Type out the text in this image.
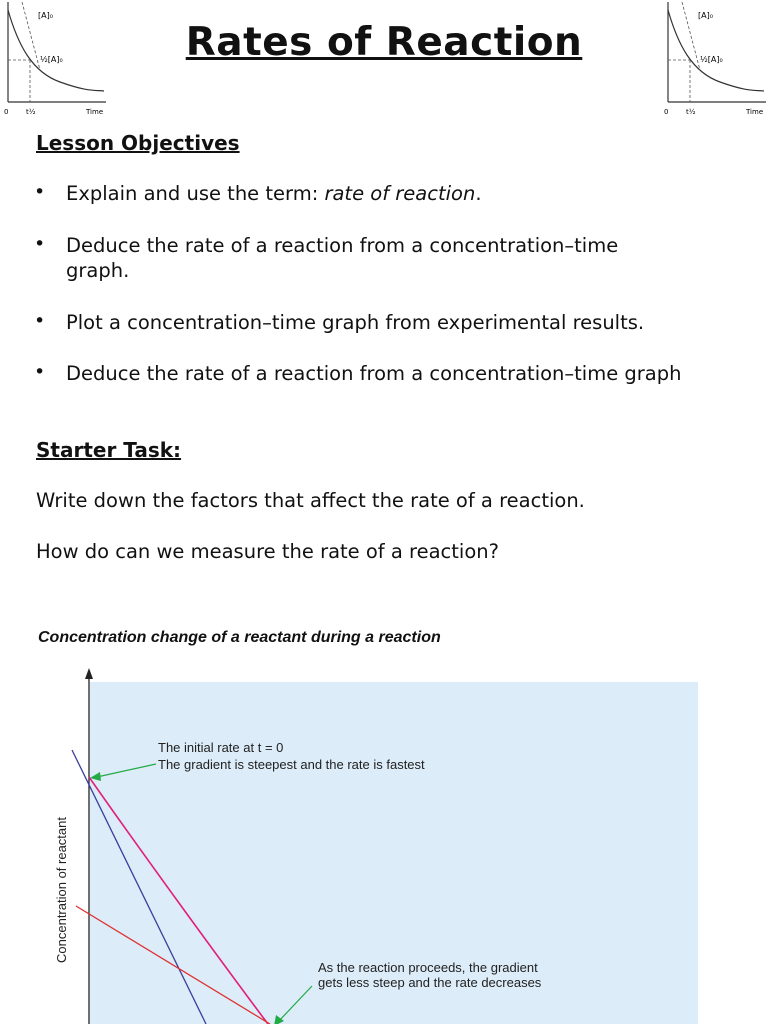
Rates of Reaction
[A]₀
½[A]₀
0	t½	Time
[A]₀
½[A]₀
0	t½	Time
Lesson Objectives
• Explain and use the term: rate of reaction.
• Deduce the rate of a reaction from a concentration–time graph.
• Plot a concentration–time graph from experimental results.
• Deduce the rate of a reaction from a concentration–time graph
Starter Task:
Write down the factors that affect the rate of a reaction.
How do can we measure the rate of a reaction?
Concentration change of a reactant during a reaction
The initial rate at t = 0
The gradient is steepest and the rate is fastest
As the reaction proceeds, the gradient
gets less steep and the rate decreases
Concentration of reactant
